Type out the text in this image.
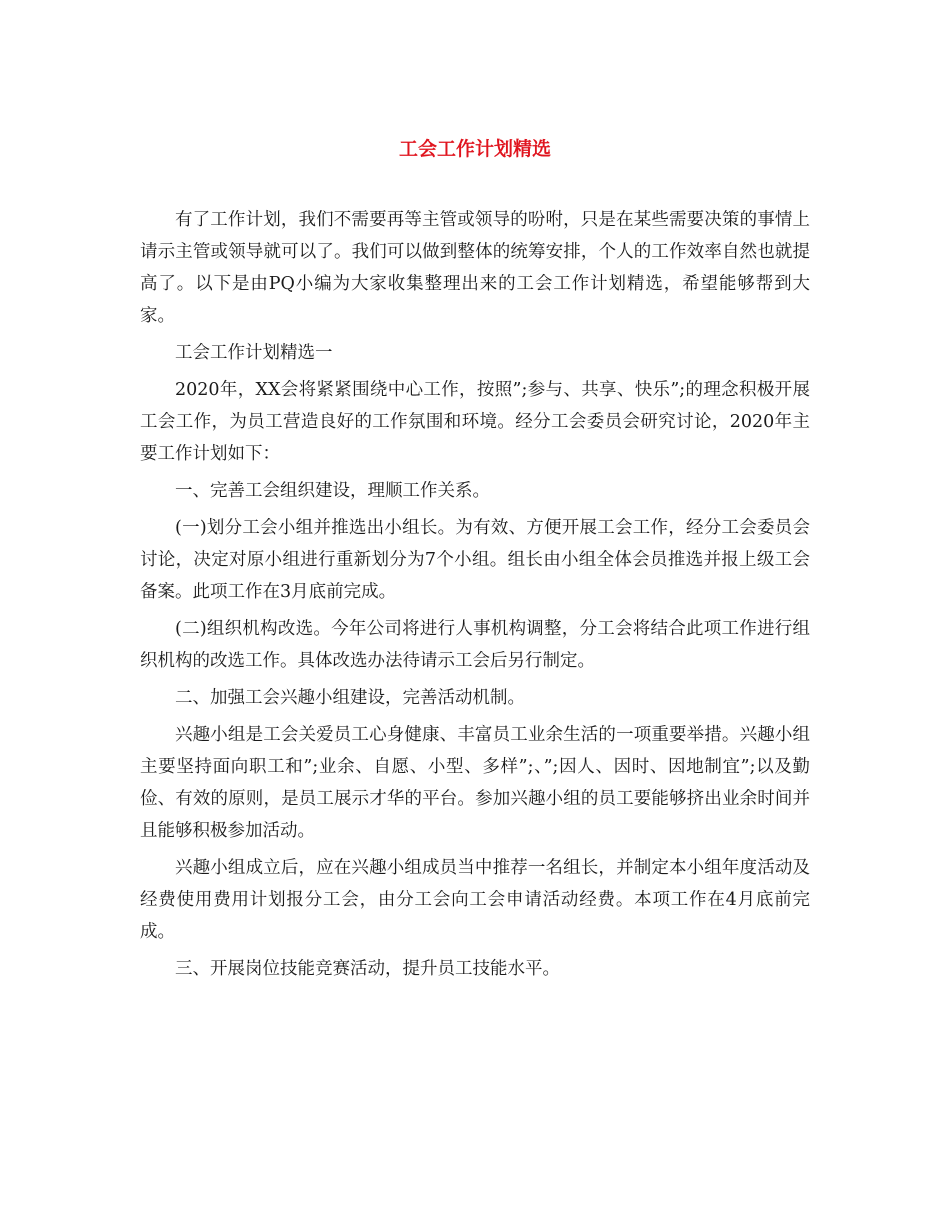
工会工作计划精选

有了工作计划，我们不需要再等主管或领导的吩咐，只是在某些需要决策的事情上请示主管或领导就可以了。我们可以做到整体的统筹安排，个人的工作效率自然也就提高了。以下是由PQ小编为大家收集整理出来的工会工作计划精选，希望能够帮到大家。

工会工作计划精选一

2020年，XX会将紧紧围绕中心工作，按照”;参与、共享、快乐”;的理念积极开展工会工作，为员工营造良好的工作氛围和环境。经分工会委员会研究讨论，2020年主要工作计划如下：

一、完善工会组织建设，理顺工作关系。

(一)划分工会小组并推选出小组长。为有效、方便开展工会工作，经分工会委员会讨论，决定对原小组进行重新划分为7个小组。组长由小组全体会员推选并报上级工会备案。此项工作在3月底前完成。

(二)组织机构改选。今年公司将进行人事机构调整，分工会将结合此项工作进行组织机构的改选工作。具体改选办法待请示工会后另行制定。

二、加强工会兴趣小组建设，完善活动机制。

兴趣小组是工会关爱员工心身健康、丰富员工业余生活的一项重要举措。兴趣小组主要坚持面向职工和”;业余、自愿、小型、多样”;、”;因人、因时、因地制宜”;以及勤俭、有效的原则，是员工展示才华的平台。参加兴趣小组的员工要能够挤出业余时间并且能够积极参加活动。

兴趣小组成立后，应在兴趣小组成员当中推荐一名组长，并制定本小组年度活动及经费使用费用计划报分工会，由分工会向工会申请活动经费。本项工作在4月底前完成。

三、开展岗位技能竞赛活动，提升员工技能水平。
